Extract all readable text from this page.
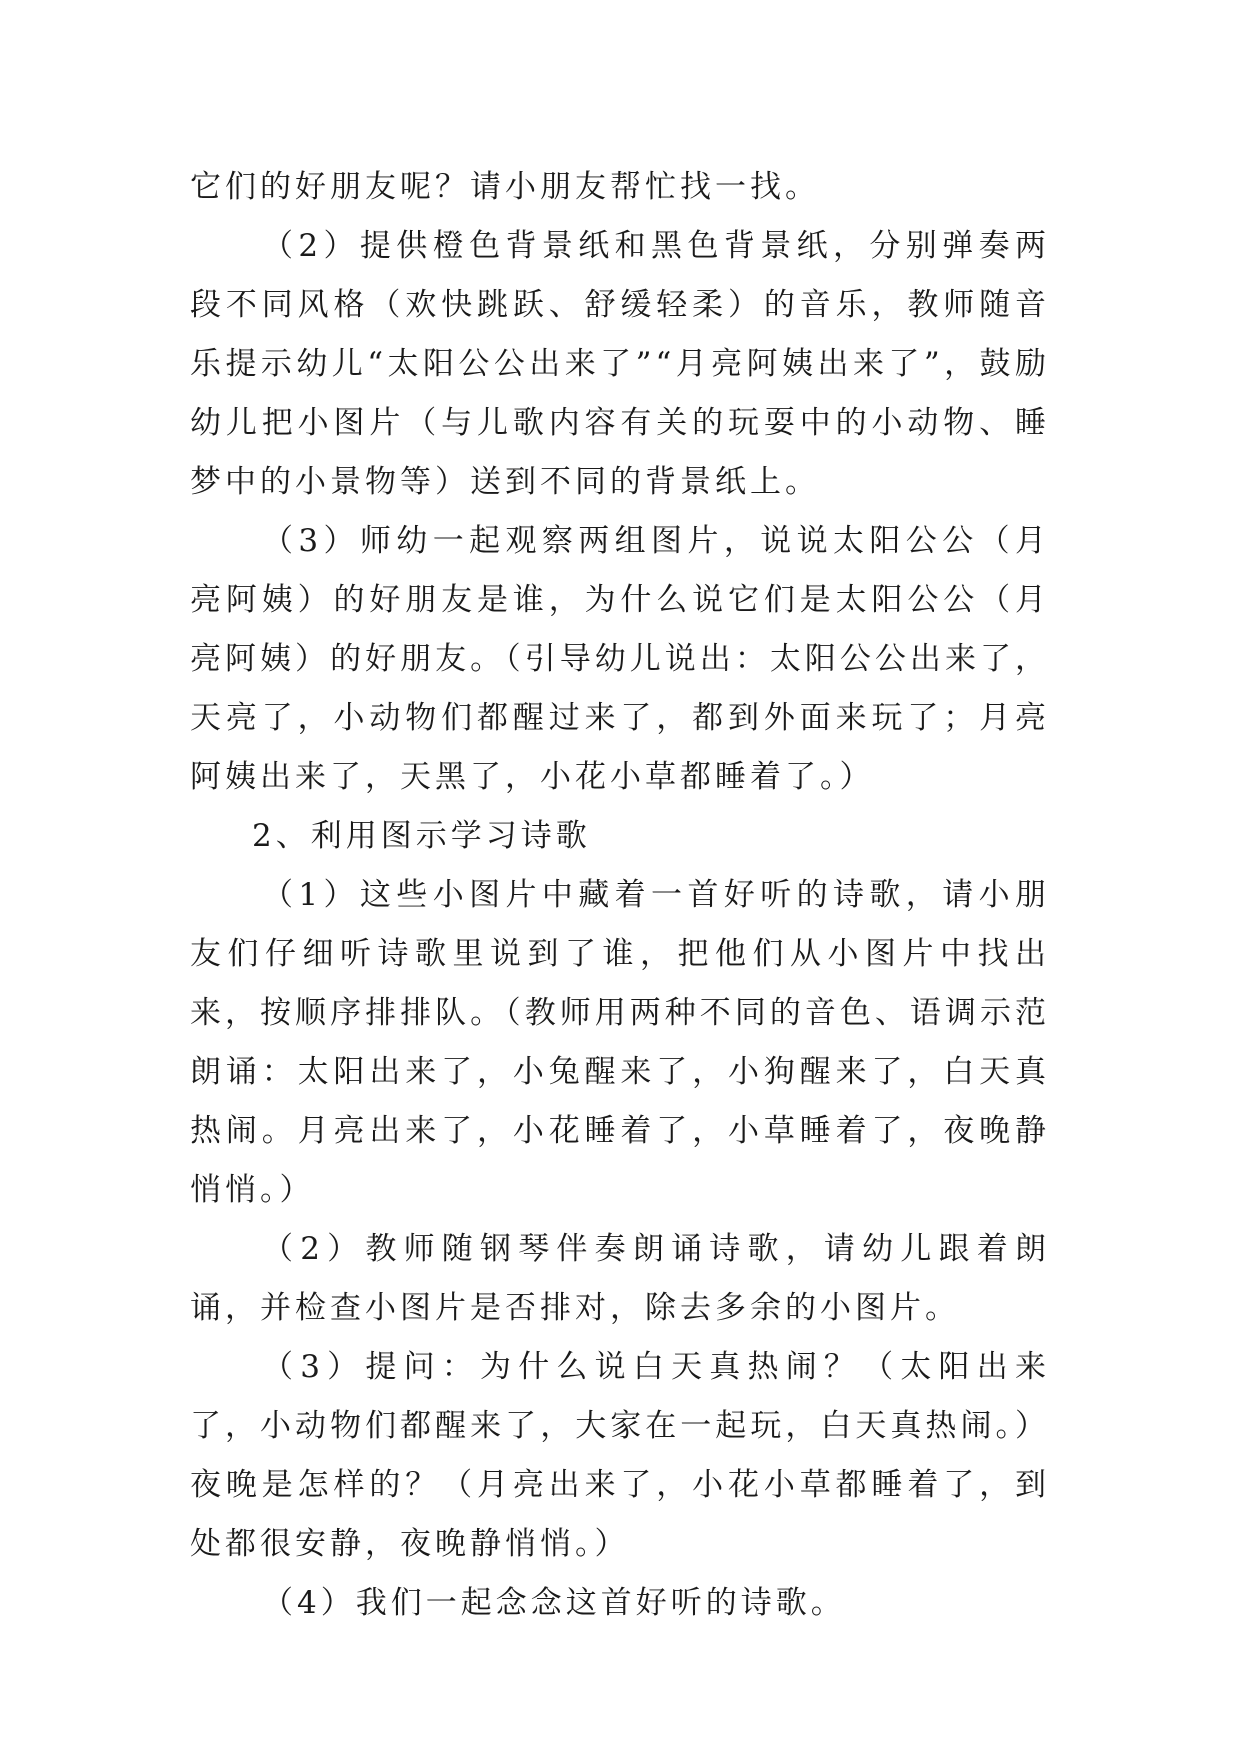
它们的好朋友呢？请小朋友帮忙找一找。

（2）提供橙色背景纸和黑色背景纸，分别弹奏两段不同风格（欢快跳跃、舒缓轻柔）的音乐，教师随音乐提示幼儿“太阳公公出来了”“月亮阿姨出来了”，鼓励幼儿把小图片（与儿歌内容有关的玩耍中的小动物、睡梦中的小景物等）送到不同的背景纸上。

（3）师幼一起观察两组图片，说说太阳公公（月亮阿姨）的好朋友是谁，为什么说它们是太阳公公（月亮阿姨）的好朋友。（引导幼儿说出：太阳公公出来了，天亮了，小动物们都醒过来了，都到外面来玩了；月亮阿姨出来了，天黑了，小花小草都睡着了。）

2、利用图示学习诗歌

（1）这些小图片中藏着一首好听的诗歌，请小朋友们仔细听诗歌里说到了谁，把他们从小图片中找出来，按顺序排排队。（教师用两种不同的音色、语调示范朗诵：太阳出来了，小兔醒来了，小狗醒来了，白天真热闹。月亮出来了，小花睡着了，小草睡着了，夜晚静悄悄。）

（2）教师随钢琴伴奏朗诵诗歌，请幼儿跟着朗诵，并检查小图片是否排对，除去多余的小图片。

（3）提问：为什么说白天真热闹？（太阳出来了，小动物们都醒来了，大家在一起玩，白天真热闹。）夜晚是怎样的？（月亮出来了，小花小草都睡着了，到处都很安静，夜晚静悄悄。）

（4）我们一起念念这首好听的诗歌。
